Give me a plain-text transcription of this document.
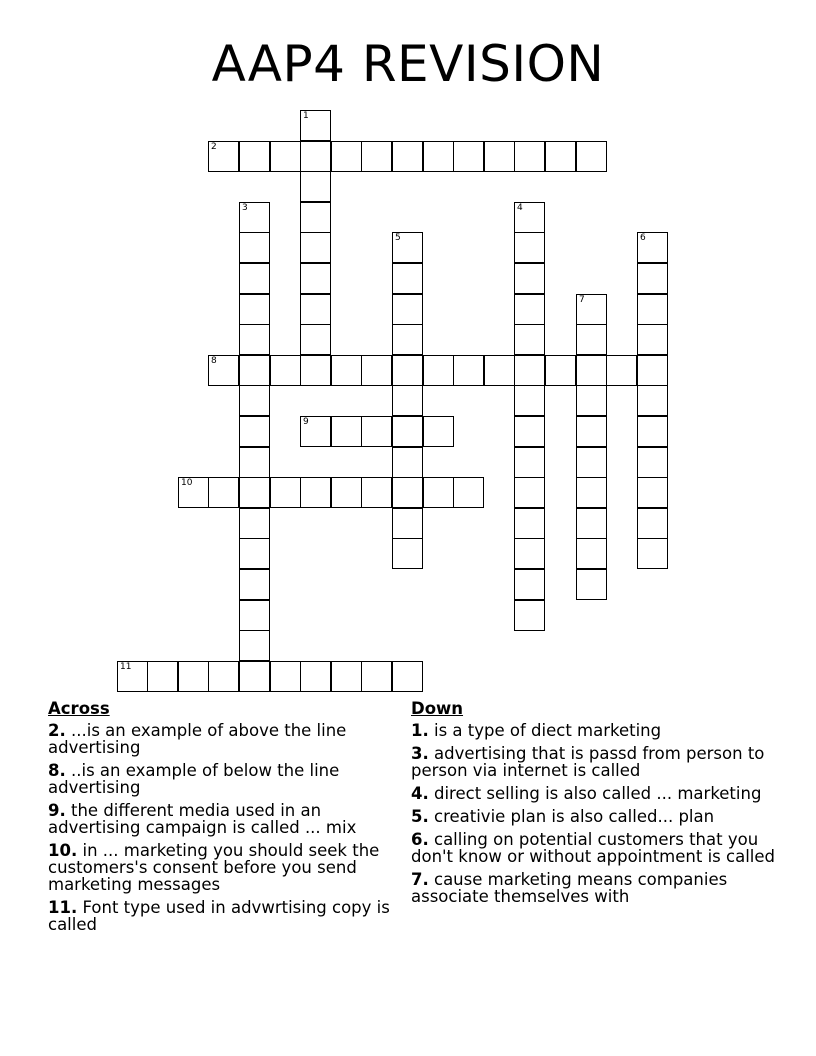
AAP4 REVISION
1
2
3	4
5	6
7
8
9
10
11
Across
2. ...is an example of above the line advertising
8. ..is an example of below the line advertising
9. the different media used in an advertising campaign is called ... mix
10. in ... marketing you should seek the customers's consent before you send marketing messages
11. Font type used in advwrtising copy is called
Down
1. is a type of diect marketing
3. advertising that is passd from person to person via internet is called
4. direct selling is also called ... marketing
5. creativie plan is also called... plan
6. calling on potential customers that you don't know or without appointment is called
7. cause marketing means companies associate themselves with
